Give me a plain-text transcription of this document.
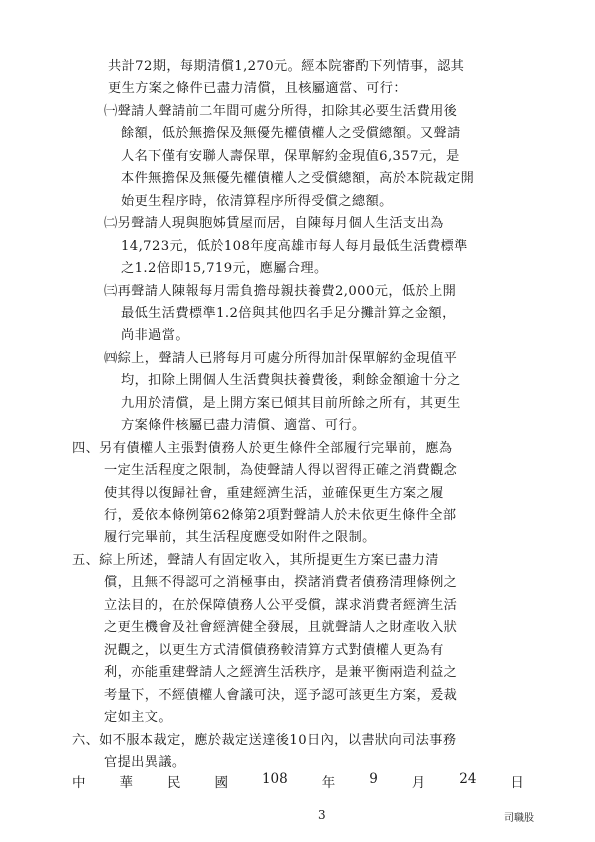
共計72期，每期清償1,270元。經本院審酌下列情事，認其
更生方案之條件已盡力清償，且核屬適當、可行：
㈠聲請人聲請前二年間可處分所得，扣除其必要生活費用後
餘額，低於無擔保及無優先權債權人之受償總額。又聲請
人名下僅有安聯人壽保單，保單解約金現值6,357元，是
本件無擔保及無優先權債權人之受償總額，高於本院裁定開
始更生程序時，依清算程序所得受償之總額。
㈡另聲請人現與胞姊賃屋而居，自陳每月個人生活支出為
14,723元，低於108年度高雄市每人每月最低生活費標準
之1.2倍即15,719元，應屬合理。
㈢再聲請人陳報每月需負擔母親扶養費2,000元，低於上開
最低生活費標準1.2倍與其他四名手足分攤計算之金額，
尚非過當。
㈣綜上，聲請人已將每月可處分所得加計保單解約金現值平
均，扣除上開個人生活費與扶養費後，剩餘金額逾十分之
九用於清償，是上開方案已傾其目前所餘之所有，其更生
方案條件核屬已盡力清償、適當、可行。
四、另有債權人主張對債務人於更生條件全部履行完畢前，應為
一定生活程度之限制，為使聲請人得以習得正確之消費觀念
使其得以復歸社會，重建經濟生活，並確保更生方案之履
行，爰依本條例第62條第2項對聲請人於未依更生條件全部
履行完畢前，其生活程度應受如附件之限制。
五、綜上所述，聲請人有固定收入，其所提更生方案已盡力清
償，且無不得認可之消極事由，揆諸消費者債務清理條例之
立法目的，在於保障債務人公平受償，謀求消費者經濟生活
之更生機會及社會經濟健全發展，且就聲請人之財產收入狀
況觀之，以更生方式清償債務較清算方式對債權人更為有
利，亦能重建聲請人之經濟生活秩序，是兼平衡兩造利益之
考量下，不經債權人會議可決，逕予認可該更生方案，爰裁
定如主文。
六、如不服本裁定，應於裁定送達後10日內，以書狀向司法事務
官提出異議。
中	華	民	國	108	年	9	月	24	日
3	司職股
